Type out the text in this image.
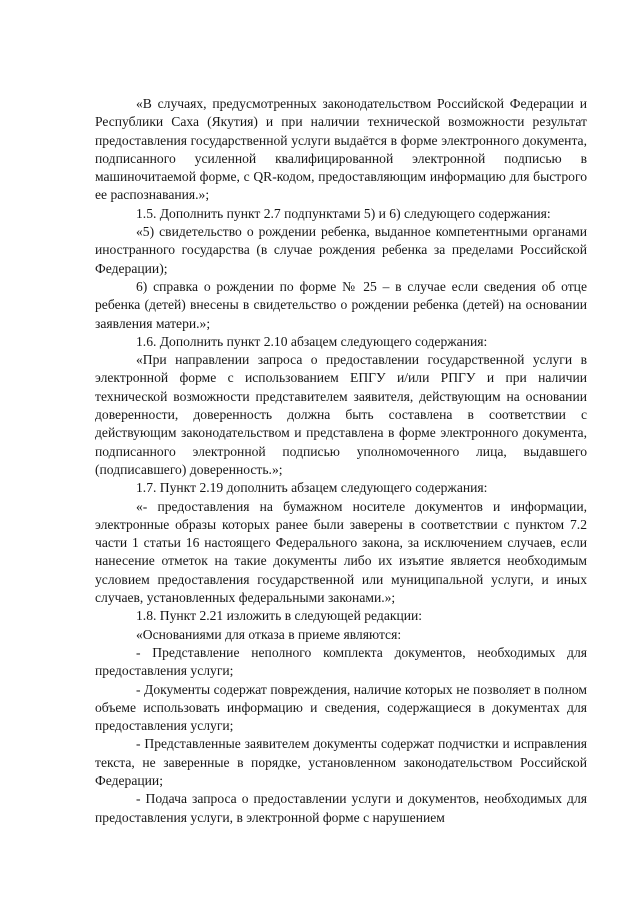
«В случаях, предусмотренных законодательством Российской Федерации и Республики Саха (Якутия) и при наличии технической возможности результат предоставления государственной услуги выдаётся в форме электронного документа, подписанного усиленной квалифицированной электронной подписью в машиночитаемой форме, с QR-кодом, предоставляющим информацию для быстрого ее распознавания.»;

1.5. Дополнить пункт 2.7 подпунктами 5) и 6) следующего содержания:

«5) свидетельство о рождении ребенка, выданное компетентными органами иностранного государства (в случае рождения ребенка за пределами Российской Федерации);

6) справка о рождении по форме № 25 – в случае если сведения об отце ребенка (детей) внесены в свидетельство о рождении ребенка (детей) на основании заявления матери.»;

1.6. Дополнить пункт 2.10 абзацем следующего содержания:

«При направлении запроса о предоставлении государственной услуги в электронной форме с использованием ЕПГУ и/или РПГУ и при наличии технической возможности представителем заявителя, действующим на основании доверенности, доверенность должна быть составлена в соответствии с действующим законодательством и представлена в форме электронного документа, подписанного электронной подписью уполномоченного лица, выдавшего (подписавшего) доверенность.»;

1.7. Пункт 2.19 дополнить абзацем следующего содержания:

«- предоставления на бумажном носителе документов и информации, электронные образы которых ранее были заверены в соответствии с пунктом 7.2 части 1 статьи 16 настоящего Федерального закона, за исключением случаев, если нанесение отметок на такие документы либо их изъятие является необходимым условием предоставления государственной или муниципальной услуги, и иных случаев, установленных федеральными законами.»;

1.8. Пункт 2.21 изложить в следующей редакции:

«Основаниями для отказа в приеме являются:

- Представление неполного комплекта документов, необходимых для предоставления услуги;

- Документы содержат повреждения, наличие которых не позволяет в полном объеме использовать информацию и сведения, содержащиеся в документах для предоставления услуги;

- Представленные заявителем документы содержат подчистки и исправления текста, не заверенные в порядке, установленном законодательством Российской Федерации;

- Подача запроса о предоставлении услуги и документов, необходимых для предоставления услуги, в электронной форме с нарушением
